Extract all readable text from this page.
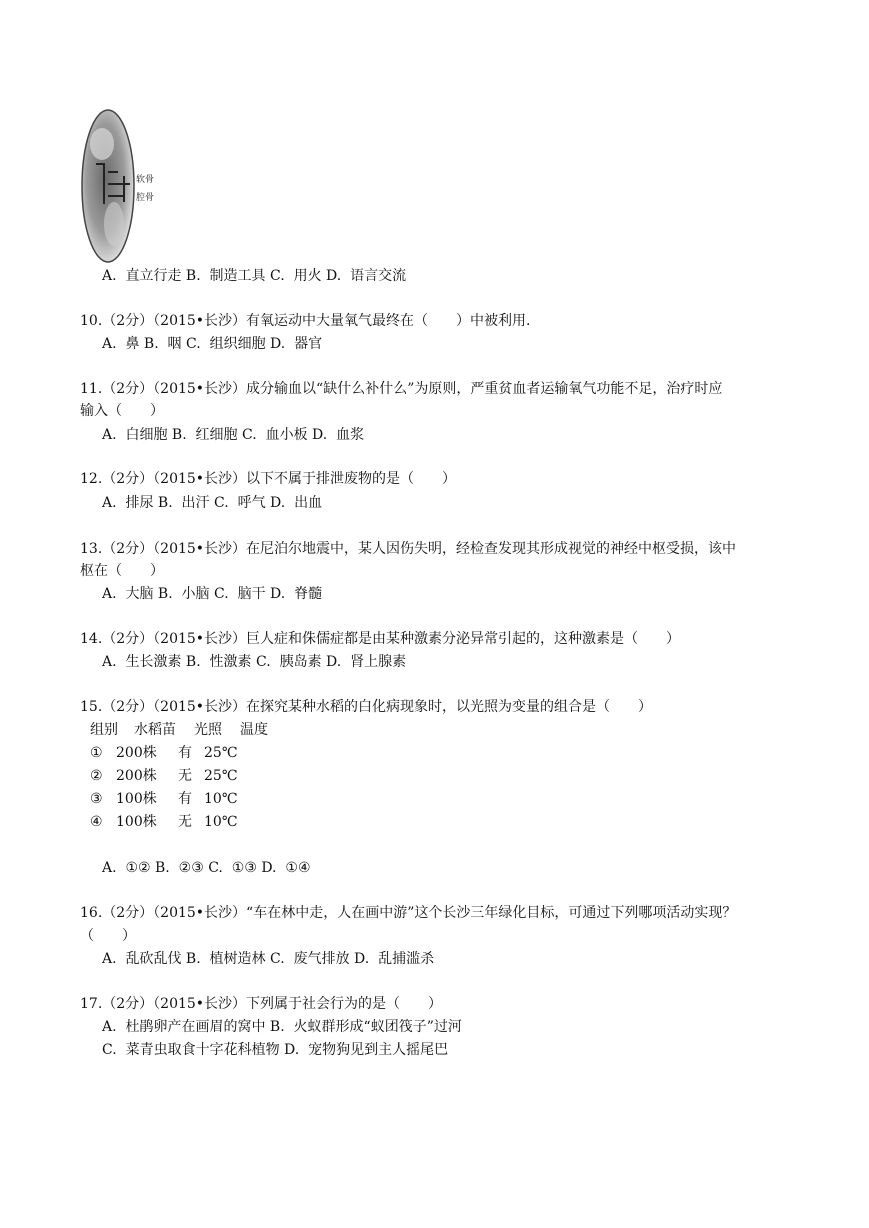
软骨
腔骨
A.  直立行走 B.  制造工具 C.  用火 D.  语言交流
10.（2分）（2015•长沙）有氧运动中大量氧气最终在（　　）中被利用.
A.  鼻 B.  咽 C.  组织细胞 D.  器官
11.（2分）（2015•长沙）成分输血以“缺什么补什么”为原则，严重贫血者运输氧气功能不足，治疗时应
输入（　　）
A.  白细胞 B.  红细胞 C.  血小板 D.  血浆
12.（2分）（2015•长沙）以下不属于排泄废物的是（　　）
A.  排尿 B.  出汗 C.  呼气 D.  出血
13.（2分）（2015•长沙）在尼泊尔地震中，某人因伤失明，经检查发现其形成视觉的神经中枢受损，该中
枢在（　　）
A.  大脑 B.  小脑 C.  脑干 D.  脊髓
14.（2分）（2015•长沙）巨人症和侏儒症都是由某种激素分泌异常引起的，这种激素是（　　）
A.  生长激素 B.  性激素 C.  胰岛素 D.  肾上腺素
15.（2分）（2015•长沙）在探究某种水稻的白化病现象时，以光照为变量的组合是（　　）
组别 水稻苗 光照 温度
① 200株 有 25℃
② 200株 无 25℃
③ 100株 有 10℃
④ 100株 无 10℃
A.  ①② B.  ②③ C.  ①③ D.  ①④
16.（2分）（2015•长沙）“车在林中走，人在画中游”这个长沙三年绿化目标，可通过下列哪项活动实现？
（　　）
A.  乱砍乱伐 B.  植树造林 C.  废气排放 D.  乱捕滥杀
17.（2分）（2015•长沙）下列属于社会行为的是（　　）
A.  杜鹃卵产在画眉的窝中 B.  火蚁群形成“蚁团筏子”过河
C.  菜青虫取食十字花科植物 D.  宠物狗见到主人摇尾巴
